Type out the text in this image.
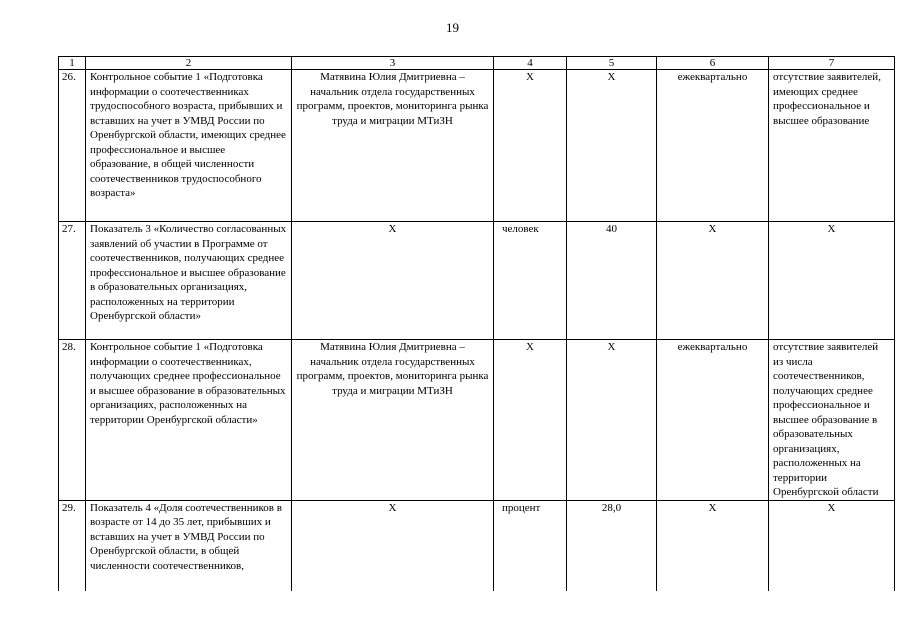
19
1	2	3	4	5	6	7
26.	Контрольное событие 1 «Подготовка информации о соотечественниках трудоспособного возраста, прибывших и вставших на учет в УМВД России по Оренбургской области, имеющих среднее профессиональное и высшее образование, в общей численности соотечественников трудоспособного возраста»	Матявина Юлия Дмитриевна – начальник отдела государственных программ, проектов, мониторинга рынка труда и миграции МТиЗН	X	X	ежеквартально	отсутствие заявителей, имеющих среднее профессиональное и высшее образование
27.	Показатель 3 «Количество согласованных заявлений об участии в Программе от соотечественников, получающих среднее профессиональное и высшее образование в образовательных организациях, расположенных на территории Оренбургской области»	X	человек	40	X	X
28.	Контрольное событие 1 «Подготовка информации о соотечественниках, получающих среднее профессиональное и высшее образование в образовательных организациях, расположенных на территории Оренбургской области»	Матявина Юлия Дмитриевна – начальник отдела государственных программ, проектов, мониторинга рынка труда и миграции МТиЗН	X	X	ежеквартально	отсутствие заявителей из числа соотечественников, получающих среднее профессиональное и высшее образование в образовательных организациях, расположенных на территории Оренбургской области
29.	Показатель 4 «Доля соотечественников в возрасте от 14 до 35 лет, прибывших и вставших на учет в УМВД России по Оренбургской области, в общей численности соотечественников,	X	процент	28,0	X	X
